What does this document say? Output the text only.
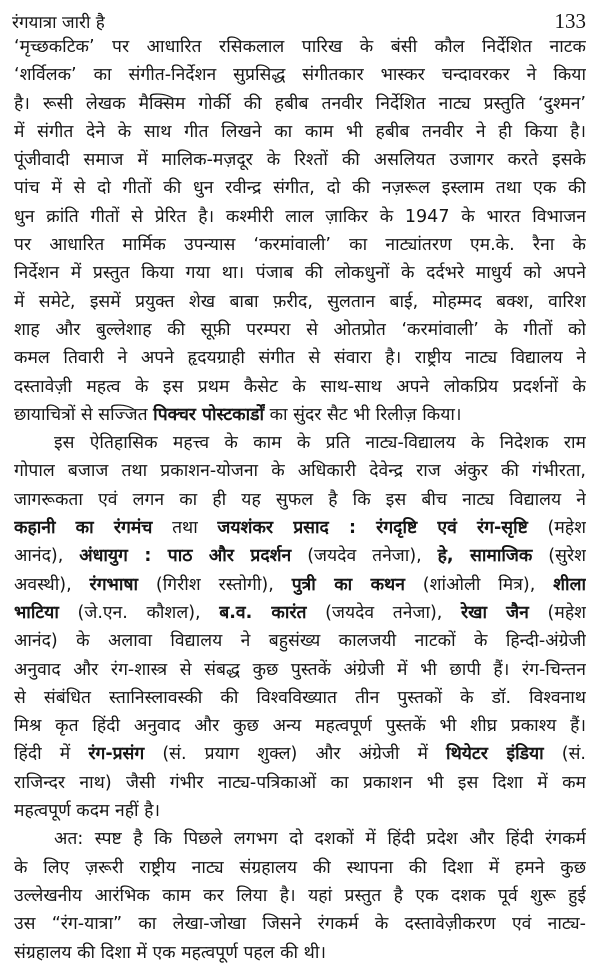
रंगयात्रा जारी है	133
‘मृच्छकटिक’ पर आधारित रसिकलाल पारिख के बंसी कौल निर्देशित नाटक
‘शर्विलक’ का संगीत-निर्देशन सुप्रसिद्ध संगीतकार भास्कर चन्दावरकर ने किया
है। रूसी लेखक मैक्सिम गोर्की की हबीब तनवीर निर्देशित नाट्य प्रस्तुति ‘दुश्मन’
में संगीत देने के साथ गीत लिखने का काम भी हबीब तनवीर ने ही किया है।
पूंजीवादी समाज में मालिक-मज़दूर के रिश्तों की असलियत उजागर करते इसके
पांच में से दो गीतों की धुन रवीन्द्र संगीत, दो की नज़रूल इस्लाम तथा एक की
धुन क्रांति गीतों से प्रेरित है। कश्मीरी लाल ज़ाकिर के 1947 के भारत विभाजन
पर आधारित मार्मिक उपन्यास ‘करमांवाली’ का नाट्यांतरण एम.के. रैना के
निर्देशन में प्रस्तुत किया गया था। पंजाब की लोकधुनों के दर्दभरे माधुर्य को अपने
में समेटे, इसमें प्रयुक्त शेख बाबा फ़रीद, सुलतान बाई, मोहम्मद बक्श, वारिश
शाह और बुल्लेशाह की सूफ़ी परम्परा से ओतप्रोत ‘करमांवाली’ के गीतों को
कमल तिवारी ने अपने हृदयग्राही संगीत से संवारा है। राष्ट्रीय नाट्य विद्यालय ने
दस्तावेज़ी महत्व के इस प्रथम कैसेट के साथ-साथ अपने लोकप्रिय प्रदर्शनों के
छायाचित्रों से सज्जित पिक्चर पोस्टकार्डों का सुंदर सैट भी रिलीज़ किया।
इस ऐतिहासिक महत्त्व के काम के प्रति नाट्य-विद्यालय के निदेशक राम
गोपाल बजाज तथा प्रकाशन-योजना के अधिकारी देवेन्द्र राज अंकुर की गंभीरता,
जागरूकता एवं लगन का ही यह सुफल है कि इस बीच नाट्य विद्यालय ने
कहानी का रंगमंच तथा जयशंकर प्रसाद : रंगदृष्टि एवं रंग-सृष्टि (महेश
आनंद), अंधायुग : पाठ और प्रदर्शन (जयदेव तनेजा), हे, सामाजिक (सुरेश
अवस्थी), रंगभाषा (गिरीश रस्तोगी), पुत्री का कथन (शांओली मित्र), शीला
भाटिया (जे.एन. कौशल), ब.व. कारंत (जयदेव तनेजा), रेखा जैन (महेश
आनंद) के अलावा विद्यालय ने बहुसंख्य कालजयी नाटकों के हिन्दी-अंग्रेजी
अनुवाद और रंग-शास्त्र से संबद्ध कुछ पुस्तकें अंग्रेजी में भी छापी हैं। रंग-चिन्तन
से संबंधित स्तानिस्लावस्की की विश्वविख्यात तीन पुस्तकों के डॉ. विश्वनाथ
मिश्र कृत हिंदी अनुवाद और कुछ अन्य महत्वपूर्ण पुस्तकें भी शीघ्र प्रकाश्य हैं।
हिंदी में रंग-प्रसंग (सं. प्रयाग शुक्ल) और अंग्रेजी में थियेटर इंडिया (सं.
राजिन्दर नाथ) जैसी गंभीर नाट्य-पत्रिकाओं का प्रकाशन भी इस दिशा में कम
महत्वपूर्ण कदम नहीं है।
अत: स्पष्ट है कि पिछले लगभग दो दशकों में हिंदी प्रदेश और हिंदी रंगकर्म
के लिए ज़रूरी राष्ट्रीय नाट्य संग्रहालय की स्थापना की दिशा में हमने कुछ
उल्लेखनीय आरंभिक काम कर लिया है। यहां प्रस्तुत है एक दशक पूर्व शुरू हुई
उस “रंग-यात्रा” का लेखा-जोखा जिसने रंगकर्म के दस्तावेज़ीकरण एवं नाट्य-
संग्रहालय की दिशा में एक महत्वपूर्ण पहल की थी।
